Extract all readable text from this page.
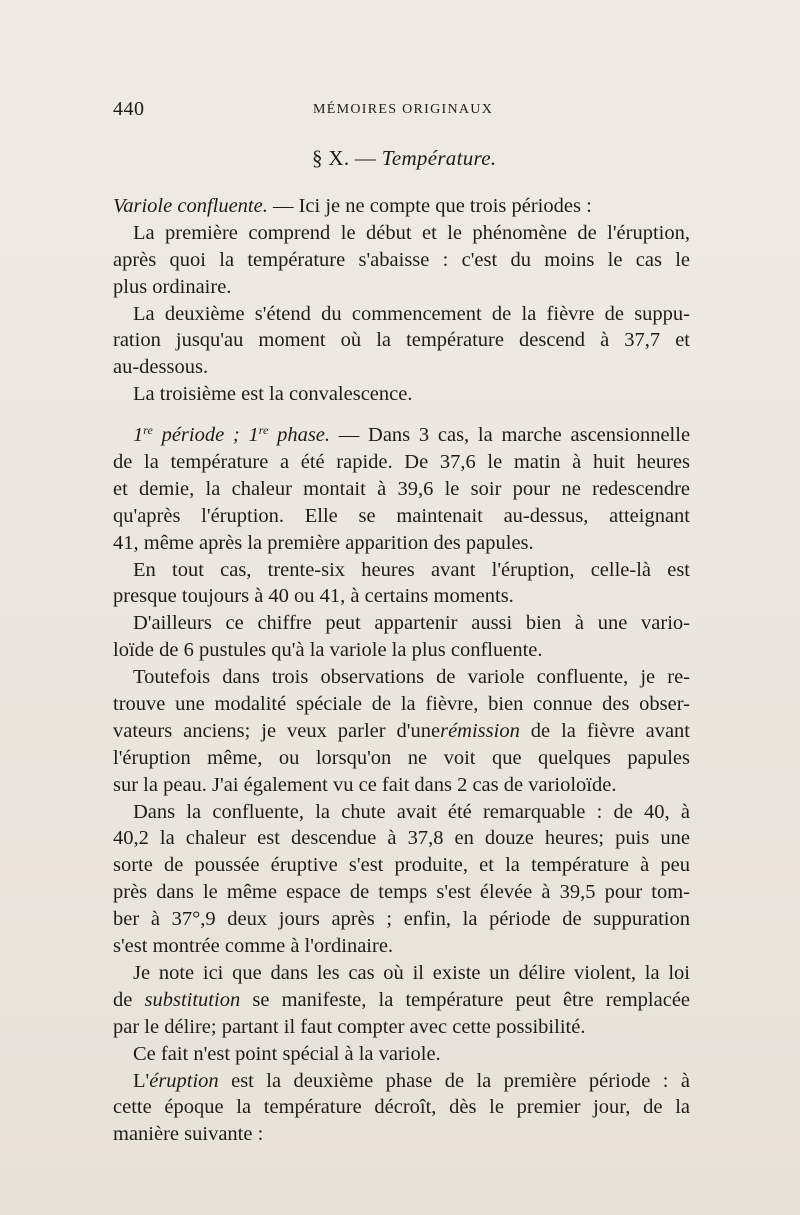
440	MÉMOIRES ORIGINAUX
§ X. — Température.
Variole confluente. — Ici je ne compte que trois périodes :
La première comprend le début et le phénomène de l'éruption,
après quoi la température s'abaisse : c'est du moins le cas le
plus ordinaire.
La deuxième s'étend du commencement de la fièvre de suppu-
ration jusqu'au moment où la température descend à 37,7 et
au-dessous.
La troisième est la convalescence.
1re période ; 1re phase. — Dans 3 cas, la marche ascensionnelle
de la température a été rapide. De 37,6 le matin à huit heures
et demie, la chaleur montait à 39,6 le soir pour ne redescendre
qu'après l'éruption. Elle se maintenait au-dessus, atteignant
41, même après la première apparition des papules.
En tout cas, trente-six heures avant l'éruption, celle-là est
presque toujours à 40 ou 41, à certains moments.
D'ailleurs ce chiffre peut appartenir aussi bien à une vario-
loïde de 6 pustules qu'à la variole la plus confluente.
Toutefois dans trois observations de variole confluente, je re-
trouve une modalité spéciale de la fièvre, bien connue des obser-
vateurs anciens; je veux parler d'unerémission de la fièvre avant
l'éruption même, ou lorsqu'on ne voit que quelques papules
sur la peau. J'ai également vu ce fait dans 2 cas de varioloïde.
Dans la confluente, la chute avait été remarquable : de 40, à
40,2 la chaleur est descendue à 37,8 en douze heures; puis une
sorte de poussée éruptive s'est produite, et la température à peu
près dans le même espace de temps s'est élevée à 39,5 pour tom-
ber à 37°,9 deux jours après ; enfin, la période de suppuration
s'est montrée comme à l'ordinaire.
Je note ici que dans les cas où il existe un délire violent, la loi
de substitution se manifeste, la température peut être remplacée
par le délire; partant il faut compter avec cette possibilité.
Ce fait n'est point spécial à la variole.
L'éruption est la deuxième phase de la première période : à
cette époque la température décroît, dès le premier jour, de la
manière suivante :
